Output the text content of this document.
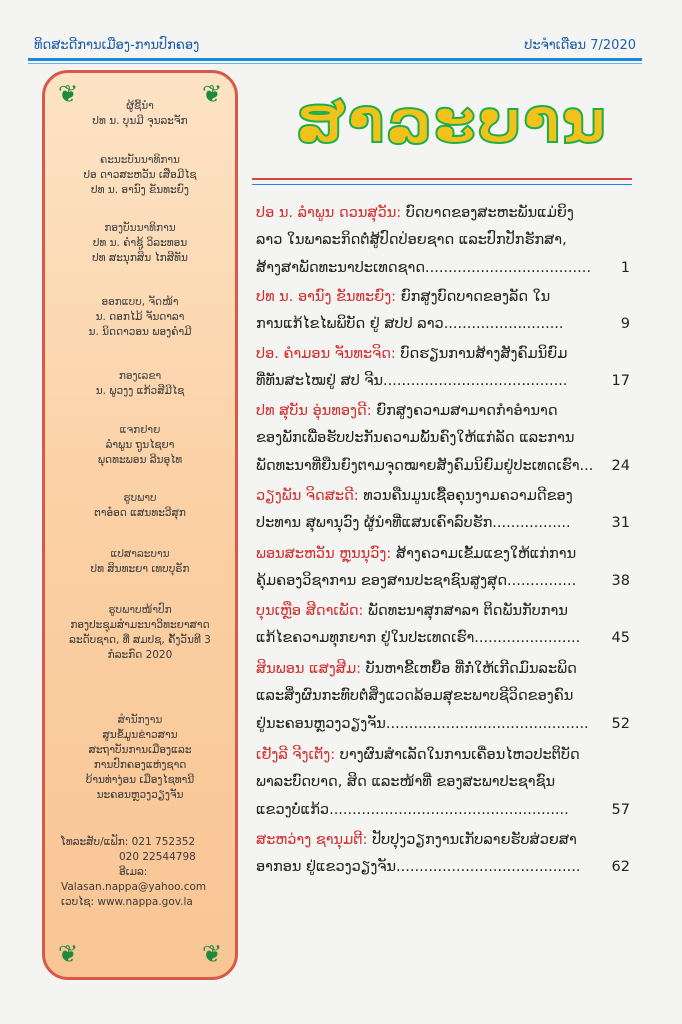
ທິດສະດີການເມືອງ-ການປົກຄອງ	ປະຈຳເດືອນ 7/2020
❦	❦
❦	❦
ຜູ້ຊີ້ນຳ
ປທ ນ. ບຸນມີ ຈຸນລະຈັກ
ຄະນະບັນນາທິການ
ປອ ດາວສະຫວັນ ເສືອມີໄຊ
ປທ ນ. ອານົງ ຂັນທະຍົງ
ກອງບັນນາທິການ
ປທ ນ. ຄຳຊູ້ ວິລະທອນ
ປທ ສະນຸກສິນ ໄກສີທັນ
ອອກແບບ, ຈັດໜ້າ
ນ. ດອກໄມ້ ຈັນດາລາ
ນ. ນິດດາວອນ ພອງຄຳມີ
ກອງເລຂາ
ນ. ພູວງງ ແກ້ວສີມີໄຊ
ແຈກຢາຍ
ລຳພູນ ຖູນໄຊຍາ
ພຸດທະພອນ ລີນອຸໄທ
ຮູບພາບ
ຕາອ໋ອດ ແສນທະວີສຸກ
ແປສາລະບານ
ປທ ສິນທະຍາ ເທບບຸຣັກ
ຮູບພາບໜ້າປົກ
ກອງປະຊຸມສຳມະນາວິທະຍາສາດ
ລະດັບຊາດ, ທີ່ ສມປຊ, ຄັ້ງວັນທີ 3
ກໍລະກົດ 2020
ສຳນັກງານ
ສູນຂໍ້ມູນຂ່າວສານ
ສະຖາບັນການເມືອງແລະ
ການປົກຄອງແຫ່ງຊາດ
ບ້ານທ່າງ່ອນ ເມືອງໄຊທານີ
ນະຄອນຫຼວງວຽງຈັນ
ໂທລະສັບ/ແຟັກ: 021 752352
020 22544798
ອີເມລ:
Valasan.nappa@yahoo.com
ເວບໄຊ: www.nappa.gov.la
ສາລະບານ
ປອ ນ. ລຳພູນ ດວນສຸວັນ: ບົດບາດຂອງສະຫະພັນແມ່ຍິງ
ລາວ ໃນພາລະກິດຕໍ່ສູ້ປົດປ່ອຍຊາດ ແລະປົກປັກຮັກສາ,
ສ້າງສາພັດທະນາປະເທດຊາດ.................................... 1
ປທ ນ. ອານົງ ຂັນທະຍົງ: ຍົກສູງບົດບາດຂອງລັດ ໃນ
ການແກ້ໄຂໄພພິບັດ ຢູ່ ສປປ ລາວ..........................	9
ປອ. ຄຳມອນ ຈັນທະຈິດ: ບົດຮຽນການສ້າງສັງຄົມນິຍົມ
ທີ່ທັນສະໄໝຢູ່ ສປ ຈີນ........................................	17
ປທ ສຸບັນ ອຸ່ນທອງດີ: ຍົກສູງຄວາມສາມາດກຳອຳນາດ
ຂອງພັກເພື່ອຮັບປະກັນຄວາມພັ້ນຄົງໃຫ້ແກ່ລັດ ແລະການ
ພັດທະນາທີ່ຍືນຍົງຕາມຈຸດໝາຍສັງຄົມນິຍົມຢູ່ປະເທດເຮົາ... 24
ວຽງພັນ ຈິດສະດີ: ທວນຄືນມູນເຊື້ອຄຸນງາມຄວາມດີຂອງ
ປະທານ ສຸພານຸວົງ ຜູ້ນຳທີ່ແສນເຄົາລົບຮັກ.................	31
ພອນສະຫວັນ ຫຼຸນນຸວົງ: ສ້າງຄວາມເຂັ້ມແຂງໃຫ້ແກ່ການ
ຄຸ້ມຄອງວິຊາການ ຂອງສານປະຊາຊົນສູງສຸດ............... 38
ບຸນເຫຼືອ ສີດາເພັດ: ພັດທະນາສຸກສາລາ ຕິດພັນກັບການ
ແກ້ໄຂຄວາມທຸກຍາກ ຢູ່ໃນປະເທດເຮົາ....................... 45
ສິນພອນ ແສງສີມ: ບັນຫາຂີ້ເຫຍື້ອ ທີ່ກໍ່ໃຫ້ເກີດມົນລະພິດ
ແລະສິ່ງຜົນກະທົບຕໍ່ສິ່ງແວດລ້ອມສຸຂະພາບຊີວິດຂອງຄົນ
ຢູ່ນະຄອນຫຼວງວຽງຈັນ............................................ 52
ເຢັງລີ ຈີງເຕັງ: ບາງຜົນສຳເລັດໃນການເຄື່ອນໄຫວປະຕິບັດ
ພາລະບົດບາດ, ສິດ ແລະໜ້າທີ່ ຂອງສະພາປະຊາຊົນ
ແຂວງບໍ່ແກ້ວ....................................................	57
ສະຫວ່າງ ຊານຸມຕີ: ປັບປຸງວຽກງານເກັບລາຍຮັບສ່ວຍສາ
ອາກອນ ຢູ່ແຂວງວຽງຈັນ........................................ 62
